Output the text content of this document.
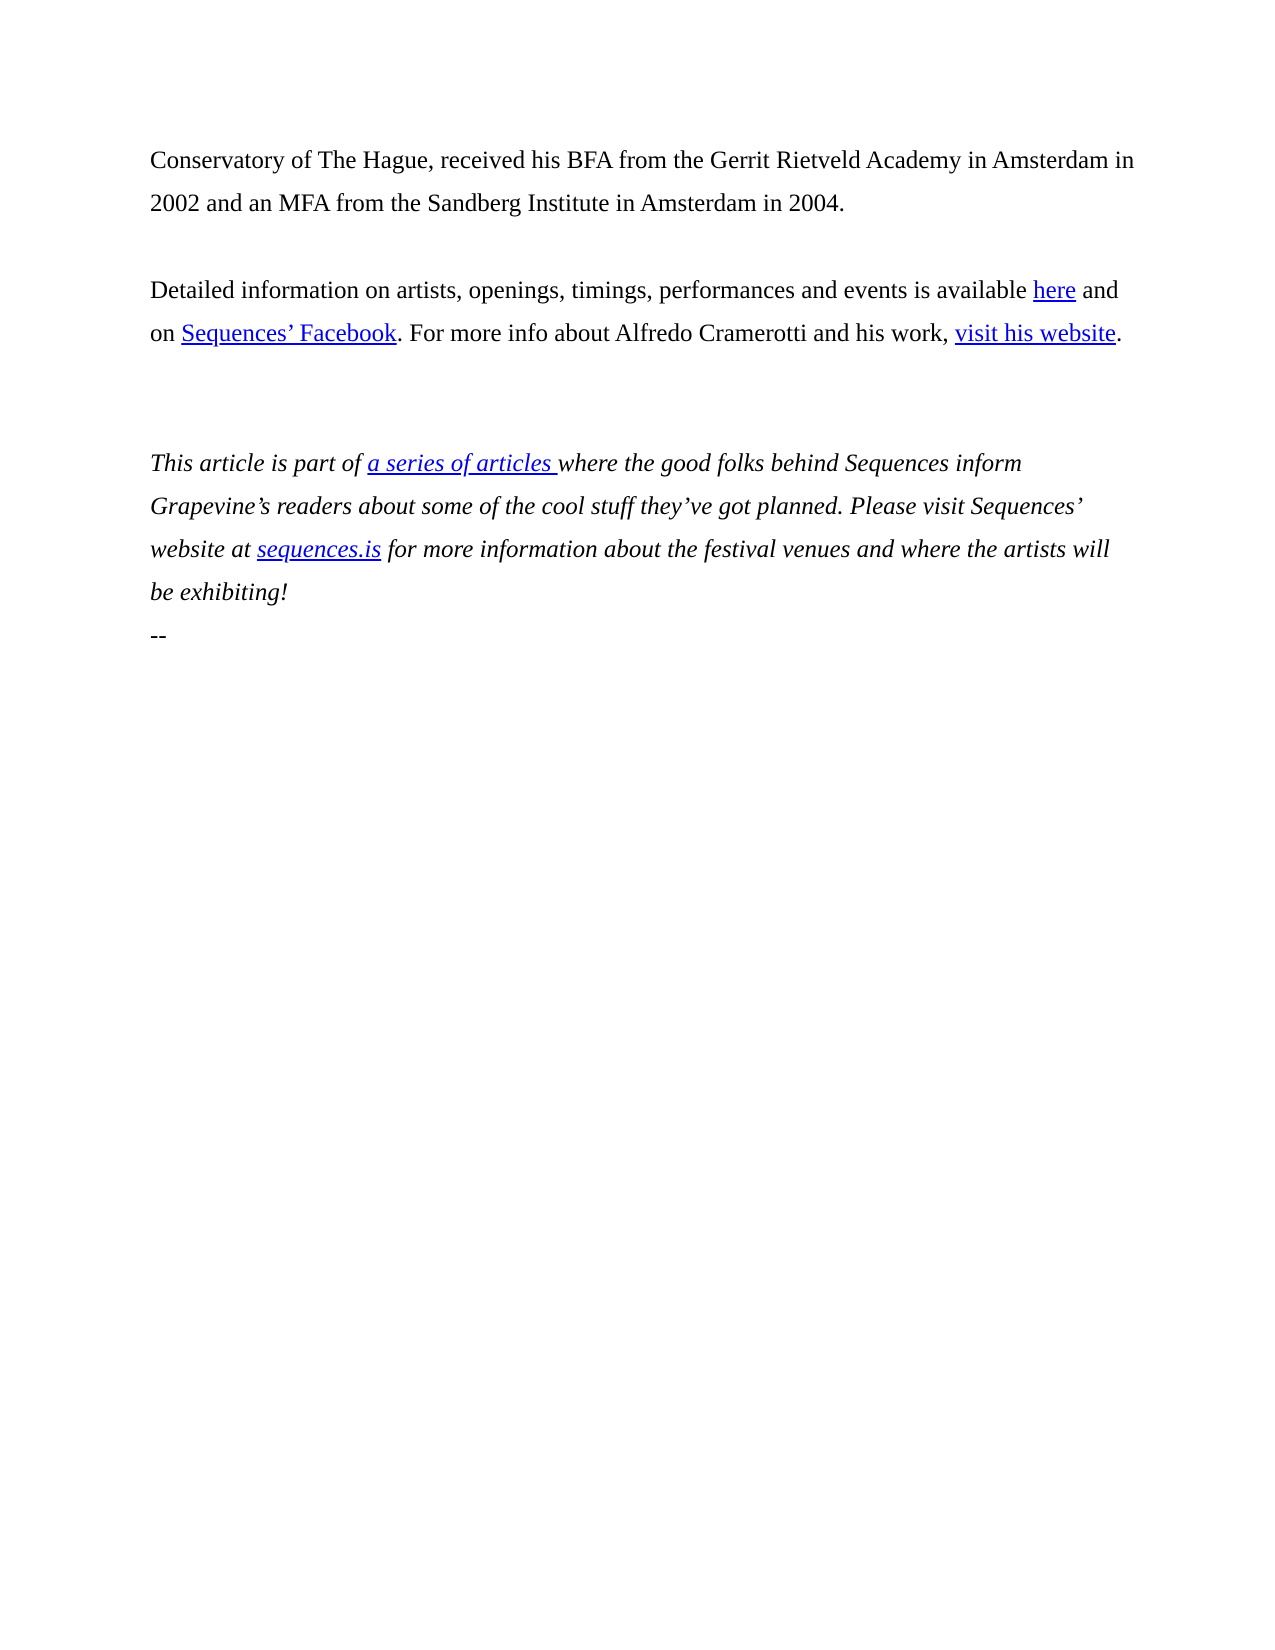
Conservatory of The Hague, received his BFA from the Gerrit Rietveld Academy in Amsterdam in 2002 and an MFA from the Sandberg Institute in Amsterdam in 2004.

Detailed information on artists, openings, timings, performances and events is available here and on Sequences’ Facebook. For more info about Alfredo Cramerotti and his work, visit his website.

This article is part of a series of articles where the good folks behind Sequences inform Grapevine’s readers about some of the cool stuff they’ve got planned. Please visit Sequences’ website at sequences.is for more information about the festival venues and where the artists will be exhibiting!

--
